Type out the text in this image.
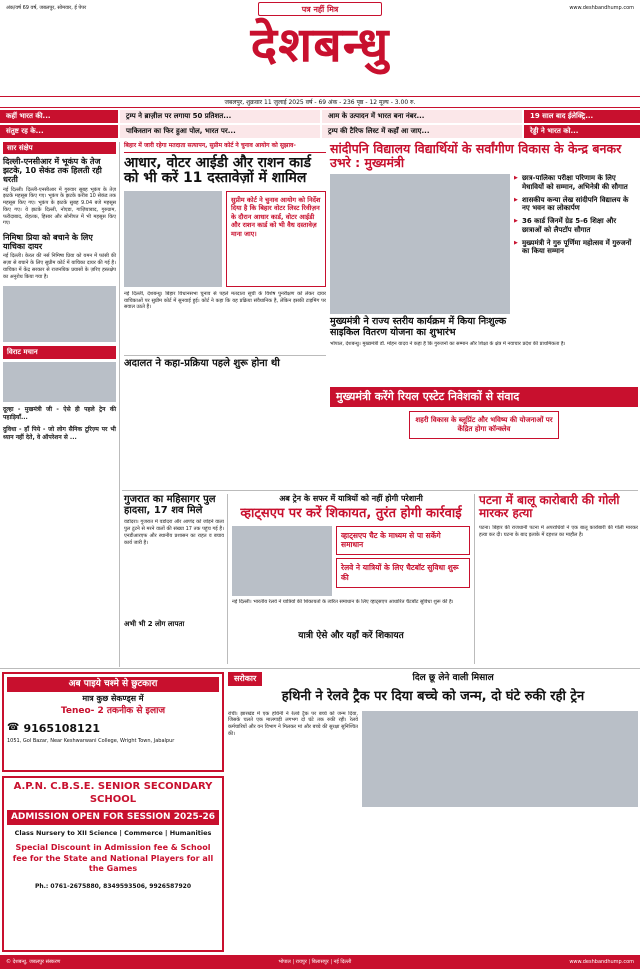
अंक/वर्ष 69 वर्ष, जबलपुर, सोमवार, ई पेपर	www.deshbandhump.com
देशबन्धु
पत्र नहीं मित्र
जबलपुर, शुक्रवार 11 जुलाई 2025 वर्ष - 69 अंक - 236 पृष्ठ - 12 मूल्य - 3.00 रु.
कहीं भारत की...
संतुष्ट रह के...
ट्रम्प ने ब्राज़ील पर लगाया 50 प्रतिशत...
पाकिस्तान का फिर हुआ पोल, भारत पर...
आम के उत्पादन में भारत बना नंबर...
ट्रम्प की टैरिफ लिस्ट में कहाँ आ जाए...
19 साल बाद ईलेक्ट्रि...
रेड्डी ने भारत को...
सार संक्षेप
दिल्ली-एनसीआर में भूकंप के तेज झटके, 10 सेकंड तक हिलती रही धरती
नई दिल्ली। दिल्ली-एनसीआर में गुरुवार सुबह भूकंप के तेज़ झटके महसूस किए गए। भूकंप के झटके करीब 10 सेकंड तक महसूस किए गए। भूकंप के झटके सुबह 9.04 बजे महसूस किए गए। ये झटके दिल्ली, नोएडा, गाज़ियाबाद, गुरुग्राम, फरीदाबाद, रोहतक, हिसार और सोनीपत में भी महसूस किए गए।
निमिषा प्रिया को बचाने के लिए याचिका दायर
नई दिल्ली। केरल की नर्स निमिषा प्रिया को यमन में फांसी की सज़ा से बचाने के लिए सुप्रीम कोर्ट में याचिका दायर की गई है। याचिका में केंद्र सरकार से राजनयिक प्रयासों के ज़रिए हस्तक्षेप का अनुरोध किया गया है।
विराट मचान
दूल्हा - मुखमंत्री जी - ऐसे ही पहले ट्रेन की पहाड़ियाँ...
दुविधा - हाँ पिये - जो लोग सैनिक टूरिज़्म पर भी ध्यान नहीं देते, वे ऑपरेशन से ...
बिहार में जारी रहेगा मतदाता सत्यापन, सुप्रीम कोर्ट ने चुनाव आयोग को सुझाव-
आधार, वोटर आईडी और राशन कार्ड को भी करें 11 दस्तावेज़ों में शामिल
सुप्रीम कोर्ट ने चुनाव आयोग को निर्देश दिया है कि बिहार वोटर लिस्ट रिवीज़न के दौरान आधार कार्ड, वोटर आईडी और राशन कार्ड को भी वैध दस्तावेज़ माना जाए।
नई दिल्ली, देशबन्धु। बिहार विधानसभा चुनाव से पहले मतदाता सूची के विशेष पुनरीक्षण को लेकर दायर याचिकाओं पर सुप्रीम कोर्ट में सुनवाई हुई। कोर्ट ने कहा कि यह प्रक्रिया संवैधानिक है, लेकिन इसकी टाइमिंग पर सवाल उठते हैं।
अदालत ने कहा-प्रक्रिया पहले शुरू होना थी
सांदीपनि विद्यालय विद्यार्थियों के सर्वांगीण विकास के केन्द्र बनकर उभरे : मुख्यमंत्री
▶ छात्र-पालिका परीक्षा परिणाम के लिए मेधावियों को सम्मान, अभिनेत्री की सौगात
▶ शासकीय कन्या लेख सांदीपनि विद्यालय के नए भवन का लोकार्पण
▶ 36 कार्ड जिनमें ग्रेड 5-6 शिक्षा और छात्राओं को लैपटॉप सौगात
▶ मुख्यमंत्री ने गुरु पूर्णिमा महोत्सव में गुरुजनों का किया सम्मान
मुख्यमंत्री ने राज्य स्तरीय कार्यक्रम में किया निःशुल्क साइकिल वितरण योजना का शुभारंभ
भोपाल, देशबन्धु। मुख्यमंत्री डॉ. मोहन यादव ने कहा है कि गुरुजनों का सम्मान और शिक्षा के क्षेत्र में नवाचार प्रदेश की प्राथमिकता है।
मुख्यमंत्री करेंगे रियल एस्टेट निवेशकों से संवाद
शहरी विकास के ब्लूप्रिंट और भविष्य की योजनाओं पर केंद्रित होगा कॉन्क्लेव
गुजरात का महिसागर पुल हादसा, 17 शव मिले
वडोदरा। गुजरात में वडोदरा और आणंद को जोड़ने वाला पुल टूटने से मरने वालों की संख्या 17 तक पहुंच गई है। एनडीआरएफ और स्थानीय प्रशासन का राहत व बचाव कार्य जारी है।
अभी भी 2 लोग लापता
अब ट्रेन के सफर में यात्रियों को नहीं होगी परेशानी
व्हाट्सएप पर करें शिकायत, तुरंत होगी कार्रवाई
व्हाट्सएप चैट के माध्यम से पा सकेंगे समाधान
रेलवे ने यात्रियों के लिए चैटबॉट सुविधा शुरू की
नई दिल्ली। भारतीय रेलवे ने यात्रियों की शिकायतों के त्वरित समाधान के लिए व्हाट्सएप आधारित चैटबॉट सुविधा शुरू की है।
यात्री ऐसे और यहाँ करें शिकायत
पटना में बालू कारोबारी की गोली मारकर हत्या
पटना। बिहार की राजधानी पटना में अपराधियों ने एक बालू कारोबारी की गोली मारकर हत्या कर दी। घटना के बाद इलाके में दहशत का माहौल है।
अब पाइये चश्मे से छुटकारा
मात्र कुछ सेकण्ड्स में
Teneo- 2 तकनीक से इलाज
☎ 9165108121
1051, Gol Bazar, Near Keshwarwani College, Wright Town, Jabalpur
A.P.N. C.B.S.E. SENIOR SECONDARY SCHOOL
ADMISSION OPEN FOR SESSION 2025-26
Class Nursery to XII Science | Commerce | Humanities
Special Discount in Admission fee & School fee for the State and National Players for all the Games
Ph.: 0761-2675880, 8349593506, 9926587920
सरोकार	दिल छू लेने वाली मिसाल
हथिनी ने रेलवे ट्रैक पर दिया बच्चे को जन्म, दो घंटे रुकी रही ट्रेन
रांची। झारखंड में एक हथिनी ने रेलवे ट्रैक पर बच्चे को जन्म दिया, जिसके चलते एक मालगाड़ी लगभग दो घंटे तक रुकी रही। रेलवे कर्मचारियों और वन विभाग ने मिलकर मां और बच्चे की सुरक्षा सुनिश्चित की।
© देशबन्धु, जबलपुर संस्करण	भोपाल | रायपुर | बिलासपुर | नई दिल्ली	www.deshbandhump.com
